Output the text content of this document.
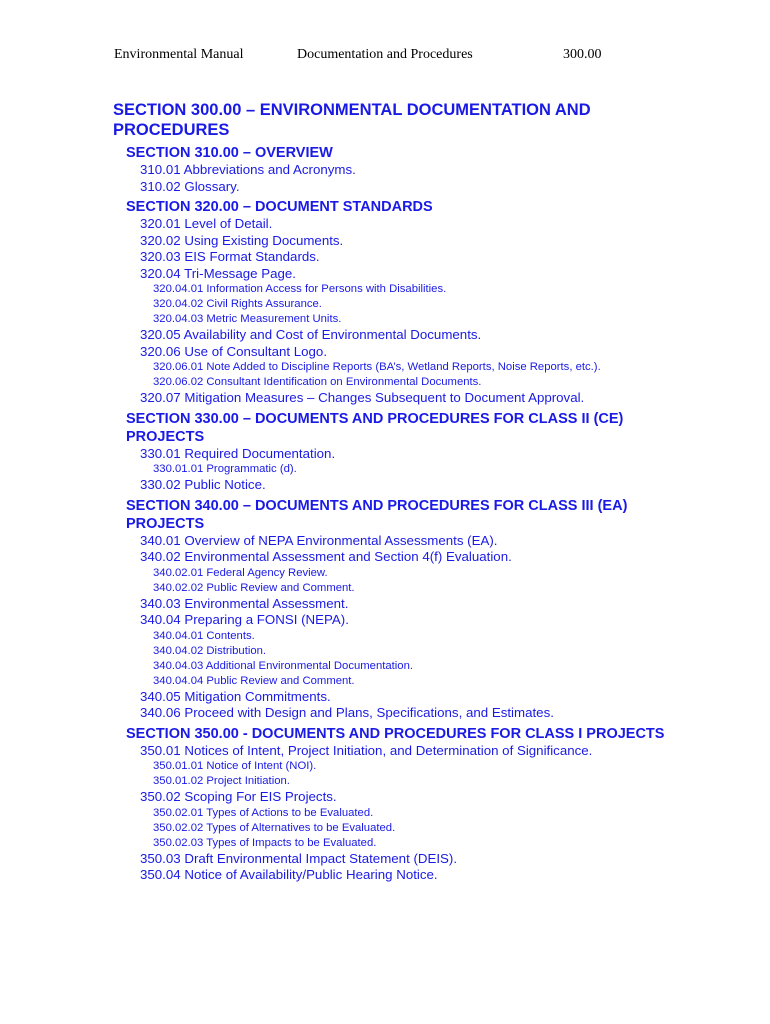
Environmental Manual	Documentation and Procedures	300.00
SECTION 300.00 – ENVIRONMENTAL DOCUMENTATION AND PROCEDURES
SECTION 310.00 – OVERVIEW
310.01 Abbreviations and Acronyms.
310.02 Glossary.
SECTION 320.00 – DOCUMENT STANDARDS
320.01 Level of Detail.
320.02 Using Existing Documents.
320.03 EIS Format Standards.
320.04 Tri-Message Page.
320.04.01 Information Access for Persons with Disabilities.
320.04.02 Civil Rights Assurance.
320.04.03 Metric Measurement Units.
320.05 Availability and Cost of Environmental Documents.
320.06 Use of Consultant Logo.
320.06.01 Note Added to Discipline Reports (BA’s, Wetland Reports, Noise Reports, etc.).
320.06.02 Consultant Identification on Environmental Documents.
320.07 Mitigation Measures – Changes Subsequent to Document Approval.
SECTION 330.00 – DOCUMENTS AND PROCEDURES FOR CLASS II (CE) PROJECTS
330.01 Required Documentation.
330.01.01 Programmatic (d).
330.02 Public Notice.
SECTION 340.00 – DOCUMENTS AND PROCEDURES FOR CLASS III (EA) PROJECTS
340.01 Overview of NEPA Environmental Assessments (EA).
340.02 Environmental Assessment and Section 4(f) Evaluation.
340.02.01 Federal Agency Review.
340.02.02 Public Review and Comment.
340.03 Environmental Assessment.
340.04 Preparing a FONSI (NEPA).
340.04.01 Contents.
340.04.02 Distribution.
340.04.03 Additional Environmental Documentation.
340.04.04 Public Review and Comment.
340.05 Mitigation Commitments.
340.06 Proceed with Design and Plans, Specifications, and Estimates.
SECTION 350.00 - DOCUMENTS AND PROCEDURES FOR CLASS I PROJECTS
350.01 Notices of Intent, Project Initiation, and Determination of Significance.
350.01.01 Notice of Intent (NOI).
350.01.02 Project Initiation.
350.02 Scoping For EIS Projects.
350.02.01 Types of Actions to be Evaluated.
350.02.02 Types of Alternatives to be Evaluated.
350.02.03 Types of Impacts to be Evaluated.
350.03 Draft Environmental Impact Statement (DEIS).
350.04 Notice of Availability/Public Hearing Notice.
